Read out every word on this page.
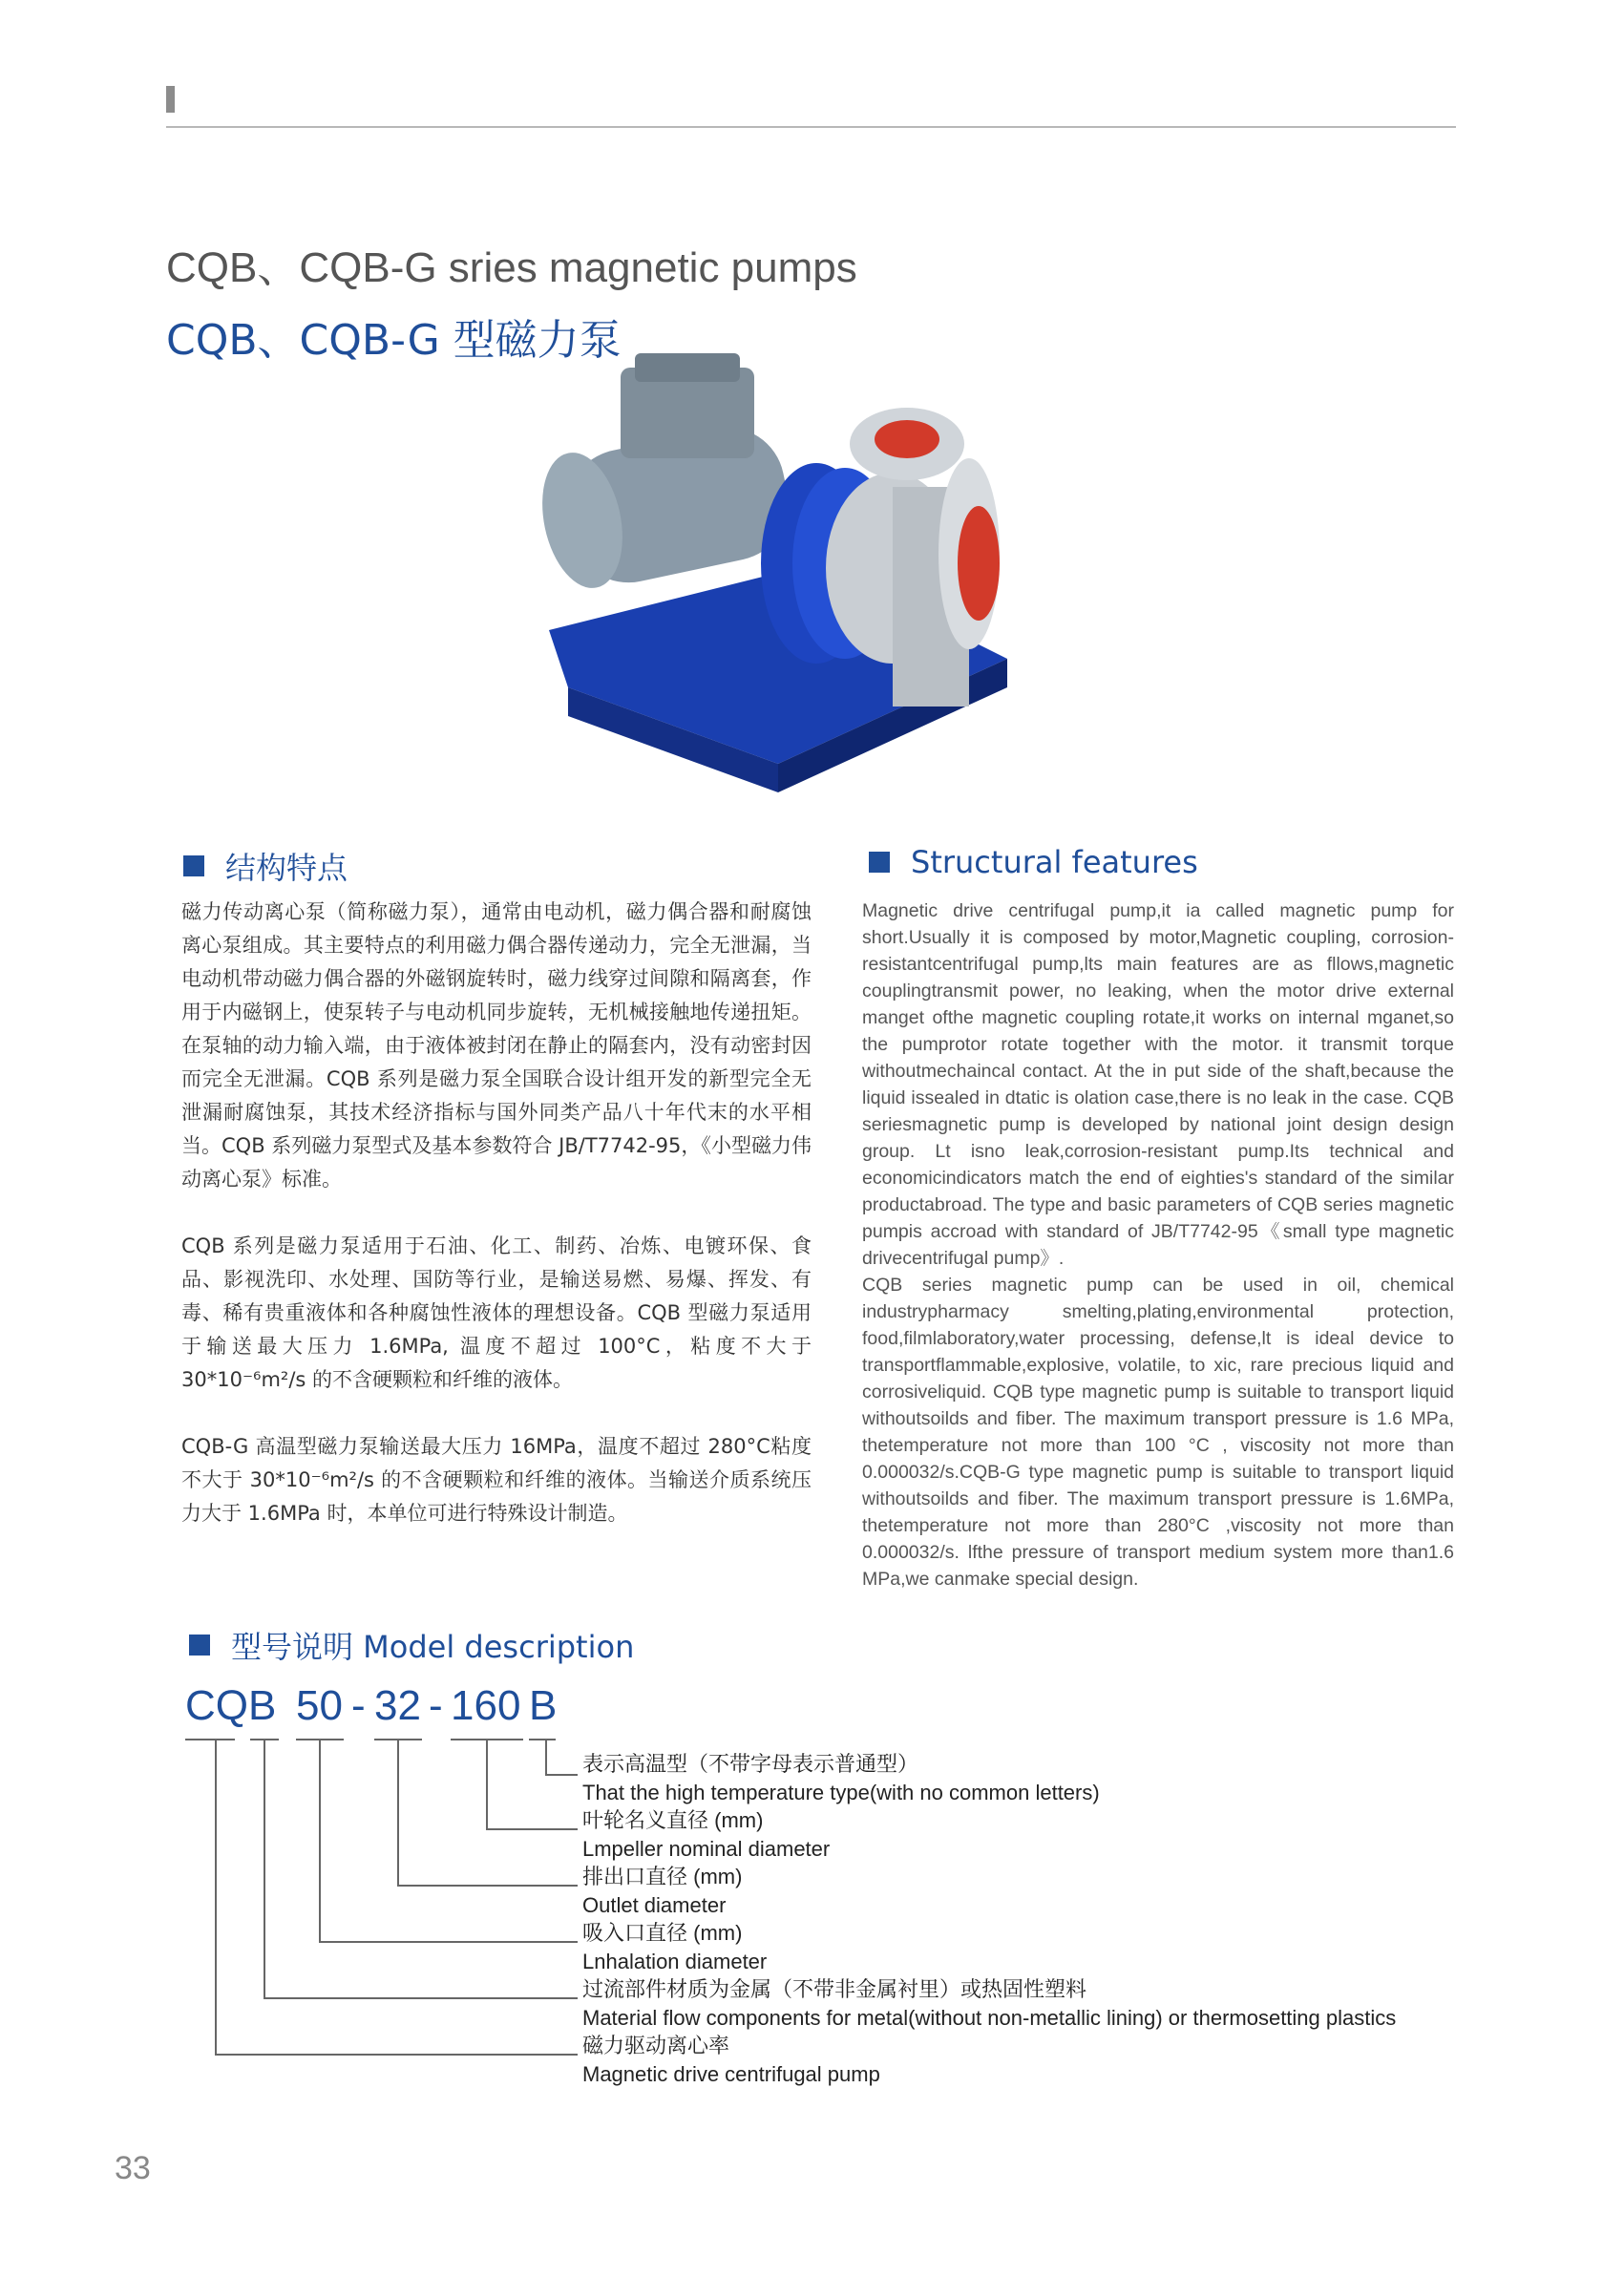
CQB、CQB-G sries magnetic pumps
CQB、CQB-G 型磁力泵
结构特点

磁力传动离心泵（简称磁力泵），通常由电动机，磁力偶合器和耐腐蚀离心泵组成。其主要特点的利用磁力偶合器传递动力，完全无泄漏，当电动机带动磁力偶合器的外磁钢旋转时，磁力线穿过间隙和隔离套，作用于内磁钢上，使泵转子与电动机同步旋转，无机械接触地传递扭矩。在泵轴的动力输入端，由于液体被封闭在静止的隔套内，没有动密封因而完全无泄漏。CQB 系列是磁力泵全国联合设计组开发的新型完全无泄漏耐腐蚀泵，其技术经济指标与国外同类产品八十年代末的水平相当。CQB 系列磁力泵型式及基本参数符合 JB/T7742-95，《小型磁力伟动离心泵》标准。

CQB 系列是磁力泵适用于石油、化工、制药、冶炼、电镀环保、食品、影视洗印、水处理、国防等行业，是输送易燃、易爆、挥发、有毒、稀有贵重液体和各种腐蚀性液体的理想设备。CQB 型磁力泵适用于输送最大压力 1.6MPa, 温度不超过 100°C，粘度不大于 30*10⁻⁶m²/s 的不含硬颗粒和纤维的液体。

CQB-G 高温型磁力泵输送最大压力 16MPa，温度不超过 280°C粘度不大于 30*10⁻⁶m²/s 的不含硬颗粒和纤维的液体。当输送介质系统压力大于 1.6MPa 时，本单位可进行特殊设计制造。

Structural features

Magnetic drive centrifugal pump,it ia called magnetic pump for short.Usually it is composed by motor,Magnetic coupling, corrosion-resistantcentrifugal pump,lts main features are as fllows,magnetic couplingtransmit power, no leaking, when the motor drive external manget ofthe magnetic coupling rotate,it works on internal mganet,so the pumprotor rotate together with the motor. it transmit torque withoutmechaincal contact. At the in put side of the shaft,because the liquid issealed in dtatic is olation case,there is no leak in the case. CQB seriesmagnetic pump is developed by national joint design design group. Lt isno leak,corrosion-resistant pump.Its technical and economicindicators match the end of eighties's standard of the similar productabroad. The type and basic parameters of CQB series magnetic pumpis accroad with standard of JB/T7742-95《small type magnetic drivecentrifugal pump》.

CQB series magnetic pump can be used in oil, chemical industrypharmacy smelting,plating,environmental protection, food,filmlaboratory,water processing, defense,lt is ideal device to transportflammable,explosive, volatile, to xic, rare precious liquid and corrosiveliquid. CQB type magnetic pump is suitable to transport liquid withoutsoilds and fiber. The maximum transport pressure is 1.6 MPa, thetemperature not more than 100 °C , viscosity not more than 0.000032/s.CQB-G type magnetic pump is suitable to transport liquid withoutsoilds and fiber. The maximum transport pressure is 1.6MPa, thetemperature not more than 280°C ,viscosity not more than 0.000032/s. lfthe pressure of transport medium system more than1.6 MPa,we canmake special design.

型号说明 Model description
CQ B 50 - 32 - 160 B
表示高温型（不带字母表示普通型）
That the high temperature type(with no common letters)
叶轮名义直径 (mm)
Lmpeller nominal diameter
排出口直径 (mm)
Outlet diameter
吸入口直径 (mm)
Lnhalation diameter
过流部件材质为金属（不带非金属衬里）或热固性塑料
Material flow components for metal(without non-metallic lining) or thermosetting plastics
磁力驱动离心率
Magnetic drive centrifugal pump
33
